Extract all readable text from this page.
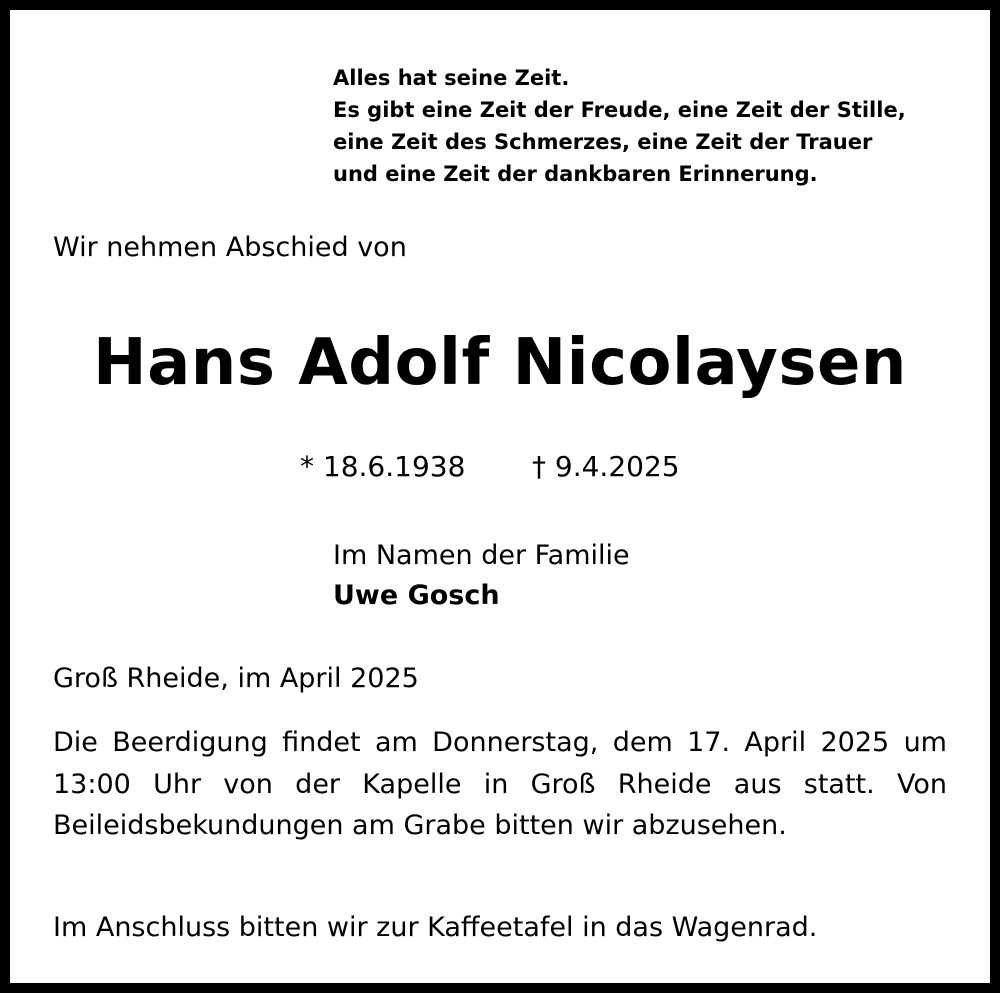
Alles hat seine Zeit.
Es gibt eine Zeit der Freude, eine Zeit der Stille,
eine Zeit des Schmerzes, eine Zeit der Trauer
und eine Zeit der dankbaren Erinnerung.
Wir nehmen Abschied von
Hans Adolf Nicolaysen
* 18.6.1938 † 9.4.2025
Im Namen der Familie
Uwe Gosch
Groß Rheide, im April 2025
Die Beerdigung findet am Donnerstag, dem 17. April 2025 um 13:00 Uhr von der Kapelle in Groß Rheide aus statt. Von Beileidsbekundungen am Grabe bitten wir abzusehen.
Im Anschluss bitten wir zur Kaffeetafel in das Wagenrad.
